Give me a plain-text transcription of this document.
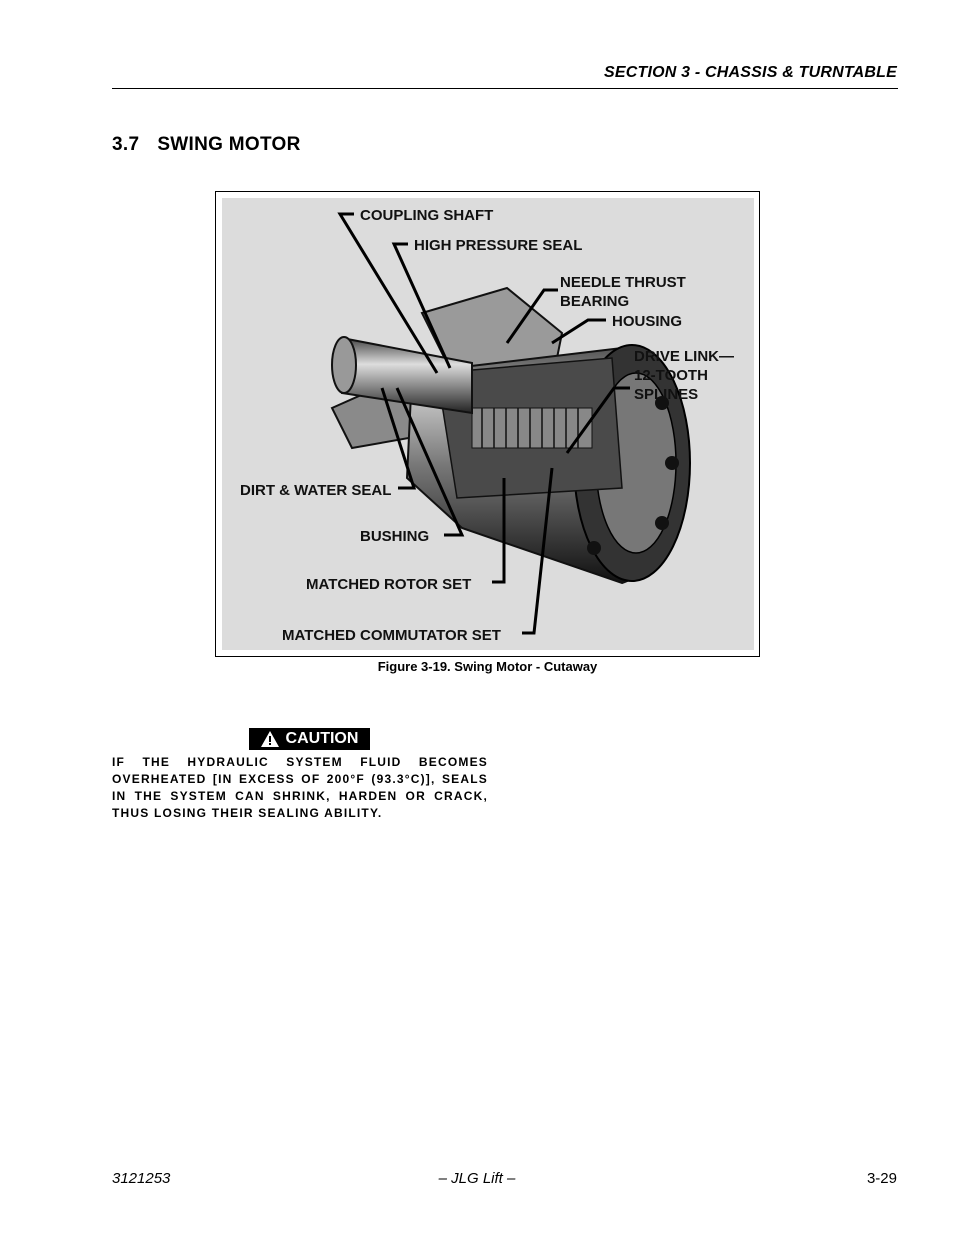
SECTION 3 - CHASSIS & TURNTABLE
3.7 SWING MOTOR
COUPLING SHAFT
HIGH PRESSURE SEAL
NEEDLE THRUST
BEARING
HOUSING
DRIVE LINK—
12-TOOTH
SPLINES
DIRT & WATER SEAL
BUSHING
MATCHED ROTOR SET
MATCHED COMMUTATOR SET
Figure 3-19. Swing Motor - Cutaway
CAUTION
IF THE HYDRAULIC SYSTEM FLUID BECOMES OVERHEATED [IN EXCESS OF 200°F (93.3°C)], SEALS IN THE SYSTEM CAN SHRINK, HARDEN OR CRACK, THUS LOSING THEIR SEALING ABILITY.
3121253	– JLG Lift –	3-29
